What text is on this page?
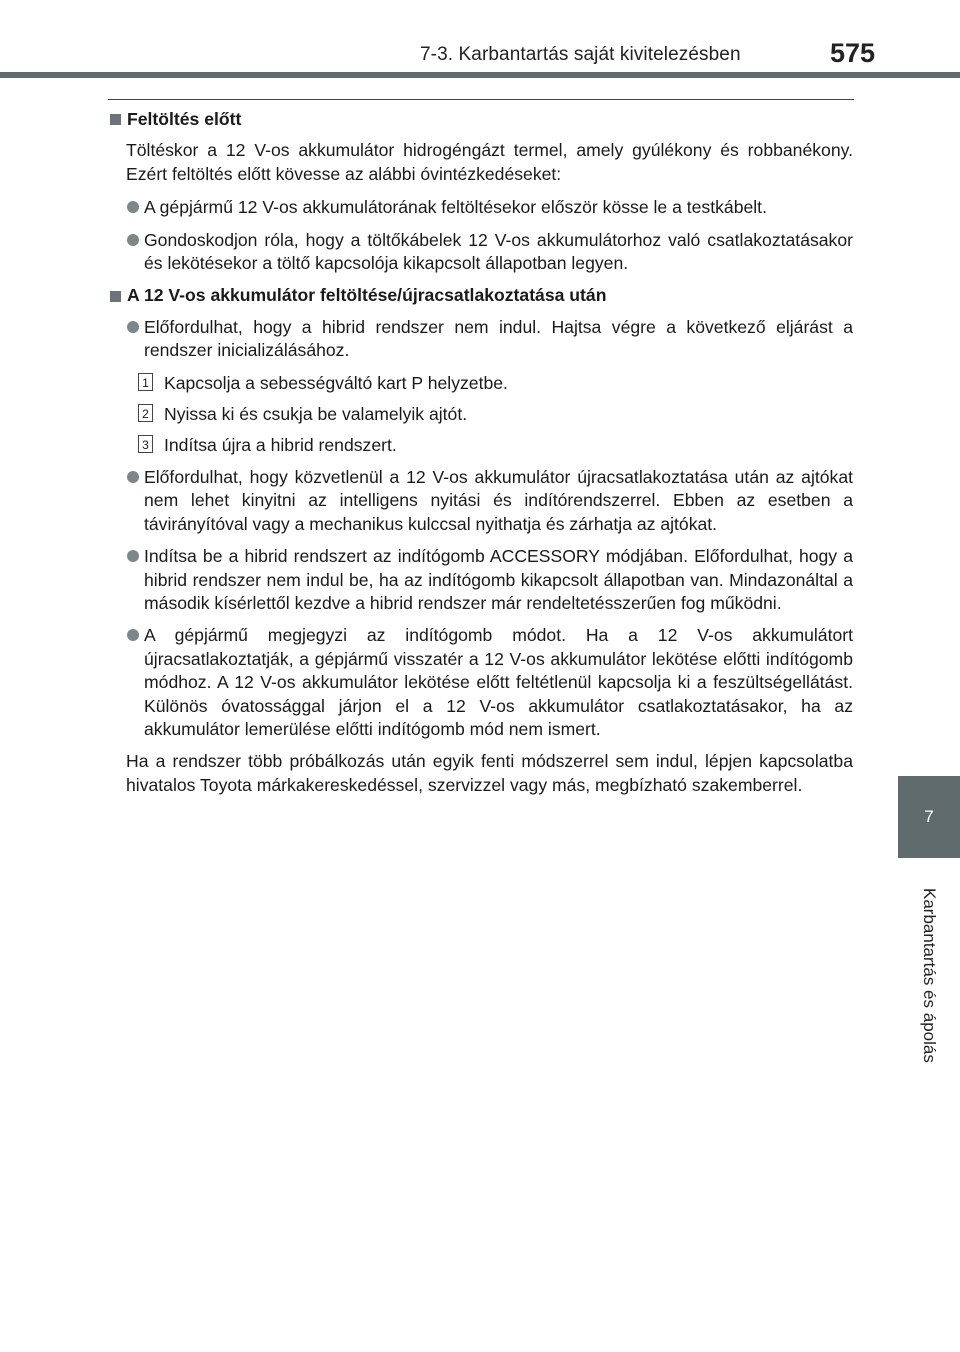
7-3. Karbantartás saját kivitelezésben	575
7
Karbantartás és ápolás
Feltöltés előtt

Töltéskor a 12 V-os akkumulátor hidrogéngázt termel, amely gyúlékony és robbanékony. Ezért feltöltés előtt kövesse az alábbi óvintézkedéseket:

A gépjármű 12 V-os akkumulátorának feltöltésekor először kösse le a testkábelt.
Gondoskodjon róla, hogy a töltőkábelek 12 V-os akkumulátorhoz való csatlakoztatásakor és lekötésekor a töltő kapcsolója kikapcsolt állapotban legyen.
A 12 V-os akkumulátor feltöltése/újracsatlakoztatása után
Előfordulhat, hogy a hibrid rendszer nem indul. Hajtsa végre a következő eljárást a rendszer inicializálásához.
1 Kapcsolja a sebességváltó kart P helyzetbe.
2 Nyissa ki és csukja be valamelyik ajtót.
3 Indítsa újra a hibrid rendszert.
Előfordulhat, hogy közvetlenül a 12 V-os akkumulátor újracsatlakoztatása után az ajtókat nem lehet kinyitni az intelligens nyitási és indítórendszerrel. Ebben az esetben a távirányítóval vagy a mechanikus kulccsal nyithatja és zárhatja az ajtókat.
Indítsa be a hibrid rendszert az indítógomb ACCESSORY módjában. Előfordulhat, hogy a hibrid rendszer nem indul be, ha az indítógomb kikapcsolt állapotban van. Mindazonáltal a második kísérlettől kezdve a hibrid rendszer már rendeltetésszerűen fog működni.
A gépjármű megjegyzi az indítógomb módot. Ha a 12 V-os akkumulátort újracsatlakoztatják, a gépjármű visszatér a 12 V-os akkumulátor lekötése előtti indítógomb módhoz. A 12 V-os akkumulátor lekötése előtt feltétlenül kapcsolja ki a feszültségellátást. Különös óvatossággal járjon el a 12 V-os akkumulátor csatlakoztatásakor, ha az akkumulátor lemerülése előtti indítógomb mód nem ismert.

Ha a rendszer több próbálkozás után egyik fenti módszerrel sem indul, lépjen kapcsolatba hivatalos Toyota márkakereskedéssel, szervizzel vagy más, megbízható szakemberrel.
